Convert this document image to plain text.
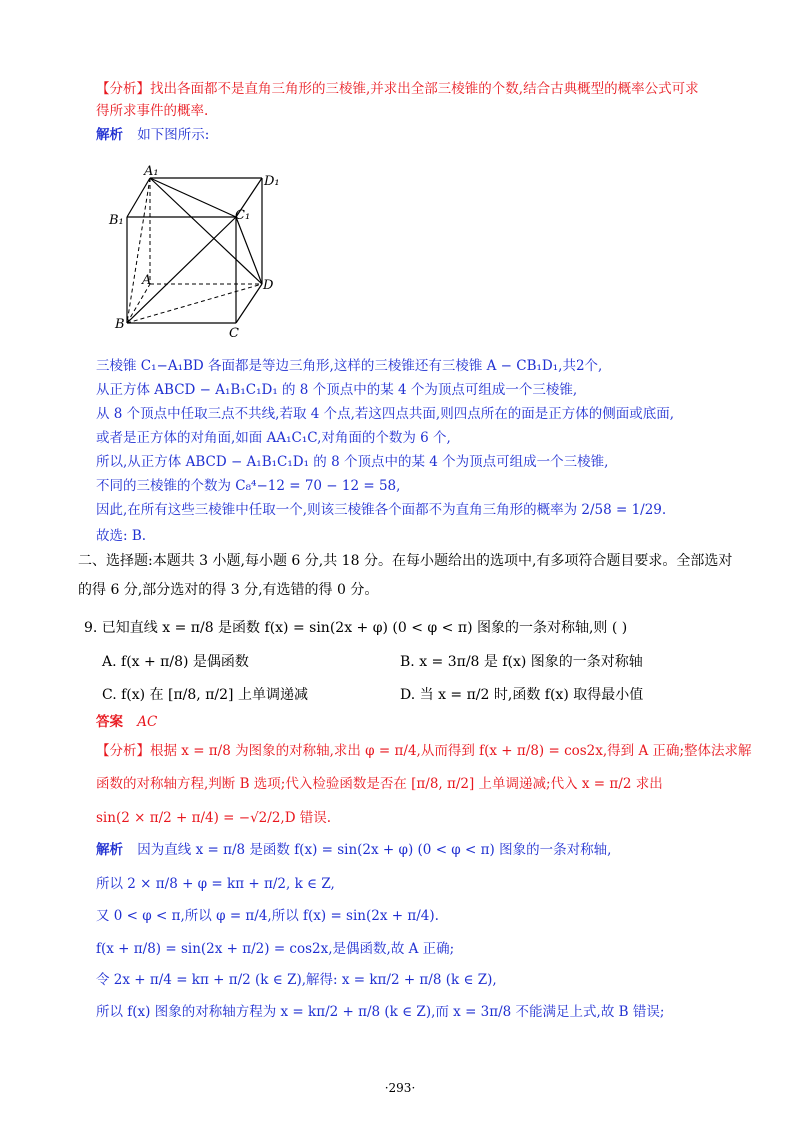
【分析】找出各面都不是直角三角形的三棱锥,并求出全部三棱锥的个数,结合古典概型的概率公式可求
得所求事件的概率.
解析 如下图所示:
A₁
D₁
B₁	C₁
A	D
B
C
三棱锥 C₁−A₁BD 各面都是等边三角形,这样的三棱锥还有三棱锥 A − CB₁D₁,共2个,
从正方体 ABCD − A₁B₁C₁D₁ 的 8 个顶点中的某 4 个为顶点可组成一个三棱锥,
从 8 个顶点中任取三点不共线,若取 4 个点,若这四点共面,则四点所在的面是正方体的侧面或底面,
或者是正方体的对角面,如面 AA₁C₁C,对角面的个数为 6 个,
所以,从正方体 ABCD − A₁B₁C₁D₁ 的 8 个顶点中的某 4 个为顶点可组成一个三棱锥,
不同的三棱锥的个数为 C₈⁴−12 = 70 − 12 = 58,
因此,在所有这些三棱锥中任取一个,则该三棱锥各个面都不为直角三角形的概率为 2/58 = 1/29.
故选: B.
二、选择题:本题共 3 小题,每小题 6 分,共 18 分。在每小题给出的选项中,有多项符合题目要求。全部选对
的得 6 分,部分选对的得 3 分,有选错的得 0 分。
9. 已知直线 x = π/8 是函数 f(x) = sin(2x + φ) (0 < φ < π) 图象的一条对称轴,则 ( )
A. f(x + π/8) 是偶函数	B. x = 3π/8 是 f(x) 图象的一条对称轴
C. f(x) 在 [π/8, π/2] 上单调递减	D. 当 x = π/2 时,函数 f(x) 取得最小值
答案 AC
【分析】根据 x = π/8 为图象的对称轴,求出 φ = π/4,从而得到 f(x + π/8) = cos2x,得到 A 正确;整体法求解
函数的对称轴方程,判断 B 选项;代入检验函数是否在 [π/8, π/2] 上单调递减;代入 x = π/2 求出
sin(2 × π/2 + π/4) = −√2/2,D 错误.
解析 因为直线 x = π/8 是函数 f(x) = sin(2x + φ) (0 < φ < π) 图象的一条对称轴,
所以 2 × π/8 + φ = kπ + π/2, k ∈ Z,
又 0 < φ < π,所以 φ = π/4,所以 f(x) = sin(2x + π/4).
f(x + π/8) = sin(2x + π/2) = cos2x,是偶函数,故 A 正确;
令 2x + π/4 = kπ + π/2 (k ∈ Z),解得: x = kπ/2 + π/8 (k ∈ Z),
所以 f(x) 图象的对称轴方程为 x = kπ/2 + π/8 (k ∈ Z),而 x = 3π/8 不能满足上式,故 B 错误;
·293·
